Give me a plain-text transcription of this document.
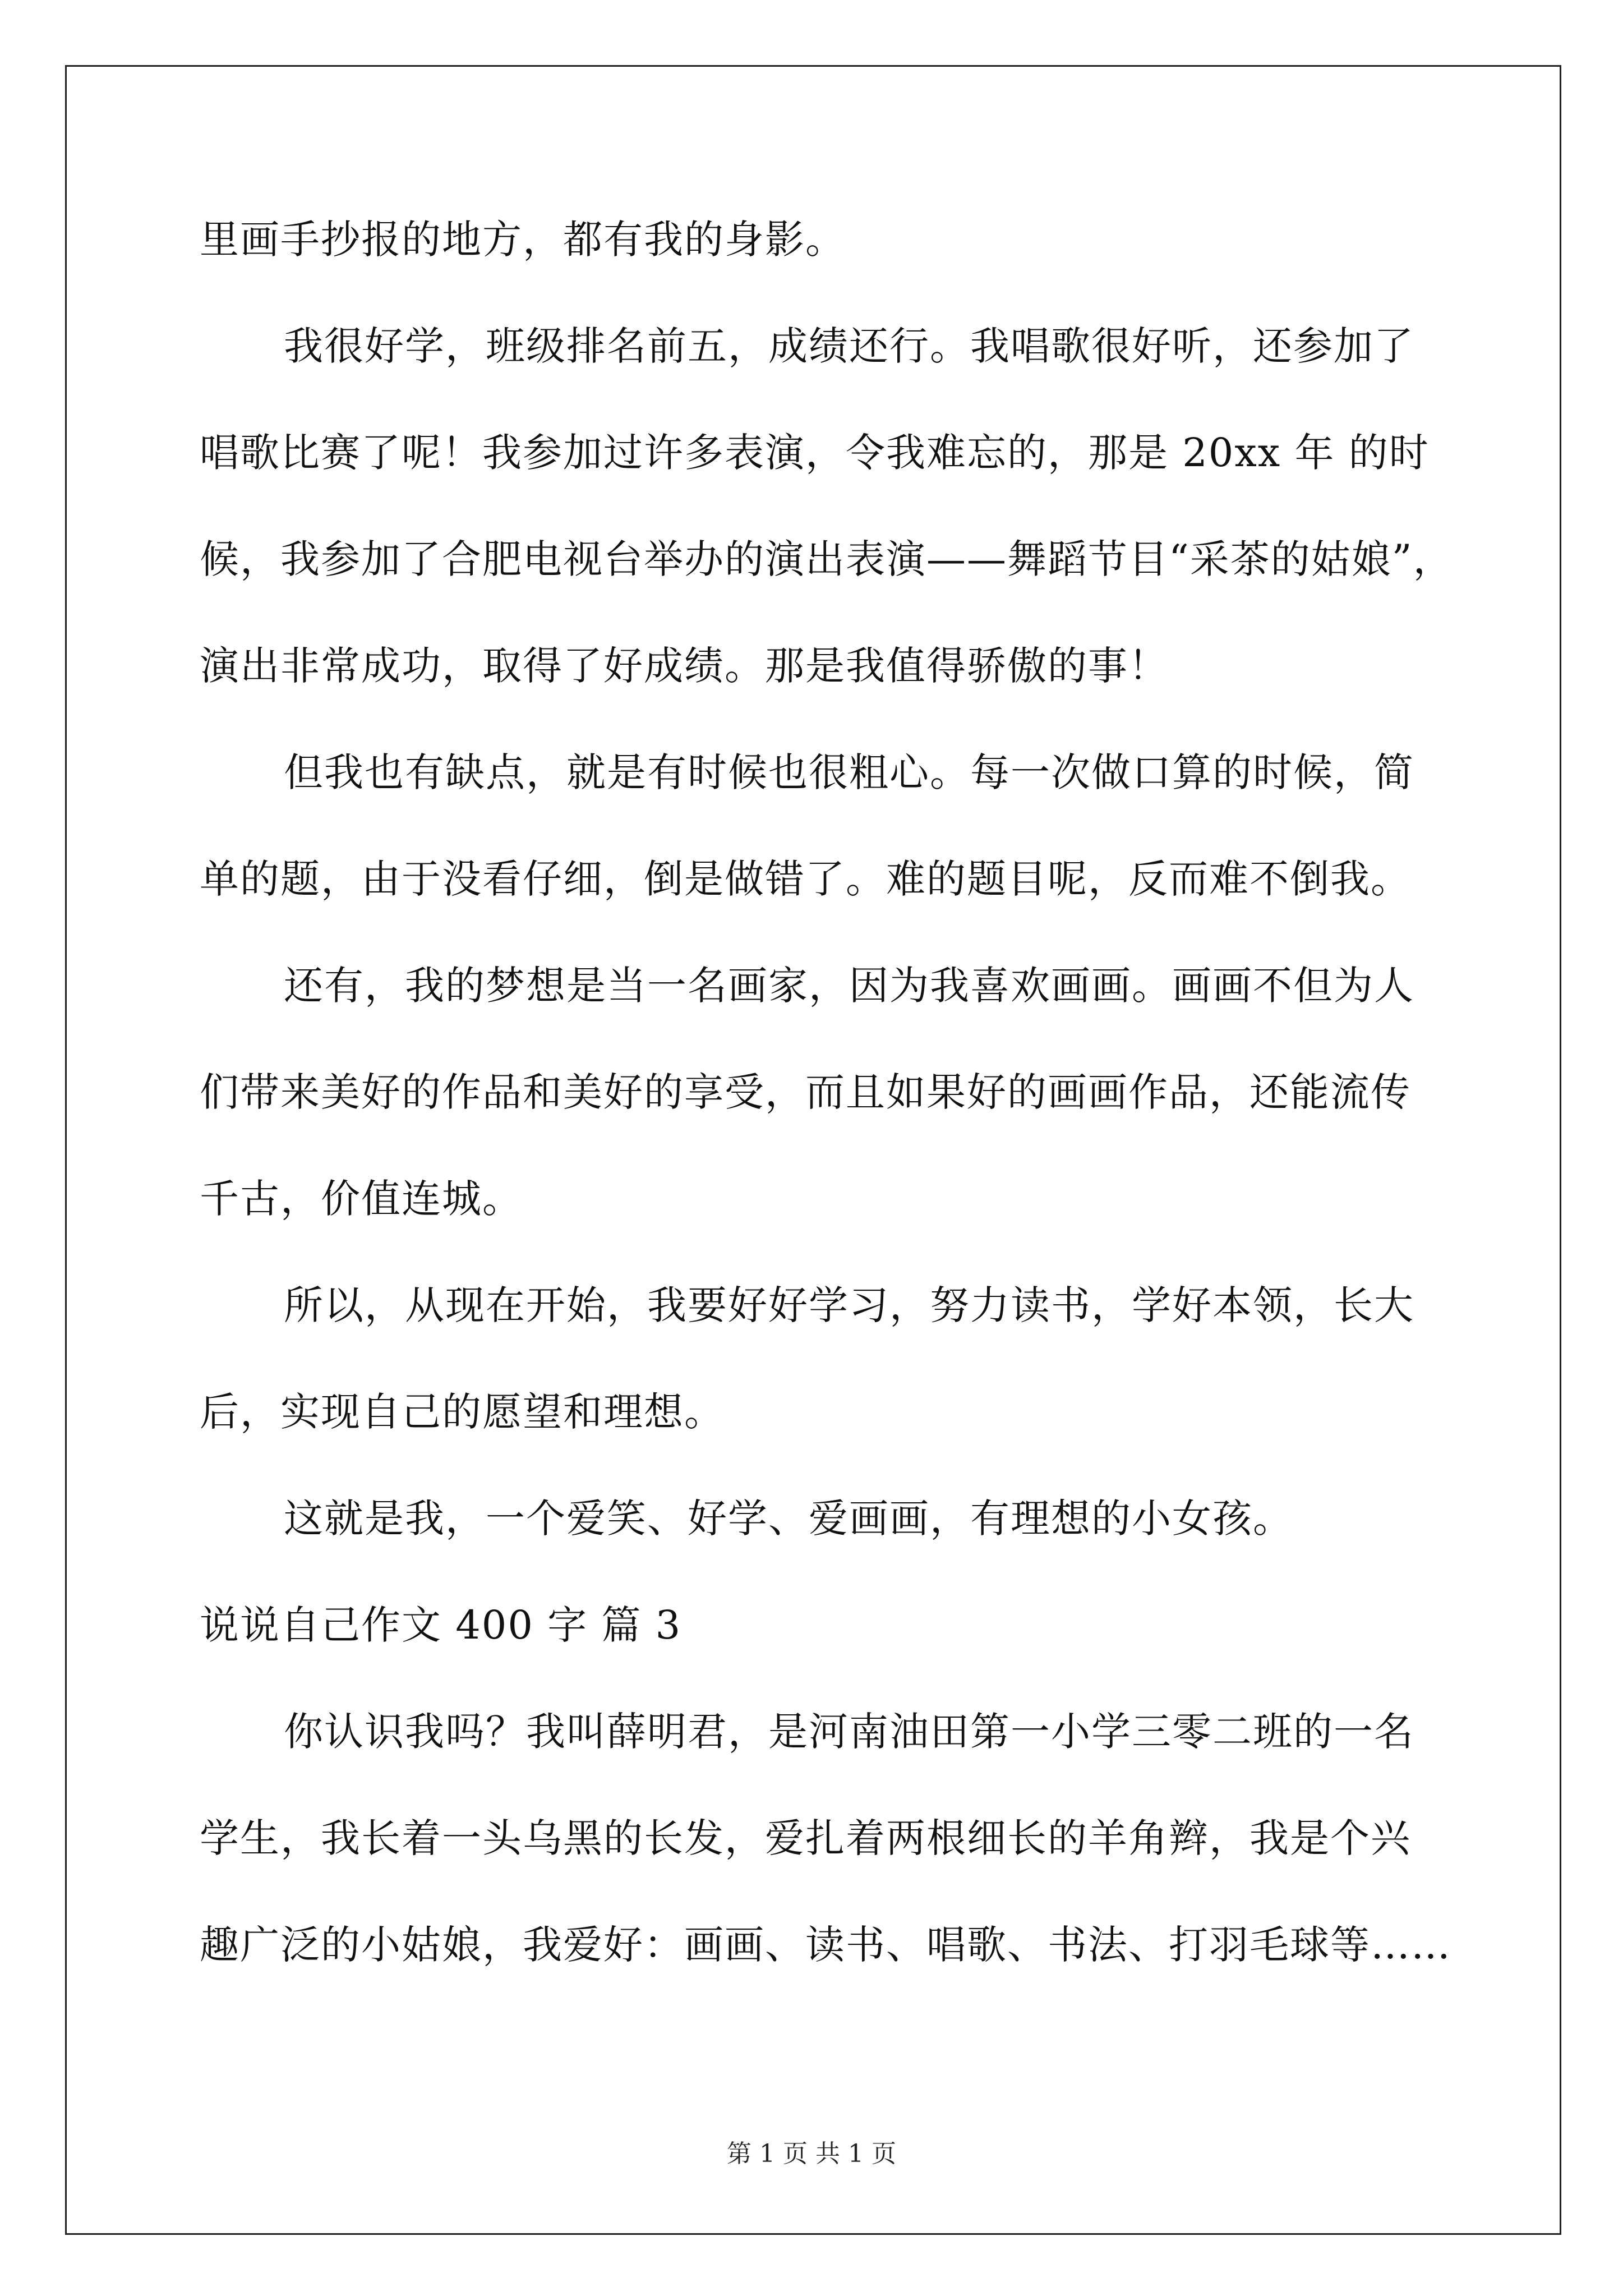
里画手抄报的地方，都有我的身影。
我很好学，班级排名前五，成绩还行。我唱歌很好听，还参加了
唱歌比赛了呢！我参加过许多表演，令我难忘的，那是 20xx 年 的时
候，我参加了合肥电视台举办的演出表演——舞蹈节目“采茶的姑娘”，
演出非常成功，取得了好成绩。那是我值得骄傲的事！
但我也有缺点，就是有时候也很粗心。每一次做口算的时候，简
单的题，由于没看仔细，倒是做错了。难的题目呢，反而难不倒我。
还有，我的梦想是当一名画家，因为我喜欢画画。画画不但为人
们带来美好的作品和美好的享受，而且如果好的画画作品，还能流传
千古，价值连城。
所以，从现在开始，我要好好学习，努力读书，学好本领，长大
后，实现自己的愿望和理想。
这就是我，一个爱笑、好学、爱画画，有理想的小女孩。
说说自己作文 400 字 篇 3
你认识我吗？我叫薛明君，是河南油田第一小学三零二班的一名
学生，我长着一头乌黑的长发，爱扎着两根细长的羊角辫，我是个兴
趣广泛的小姑娘，我爱好：画画、读书、唱歌、书法、打羽毛球等……
第 1 页 共 1 页
